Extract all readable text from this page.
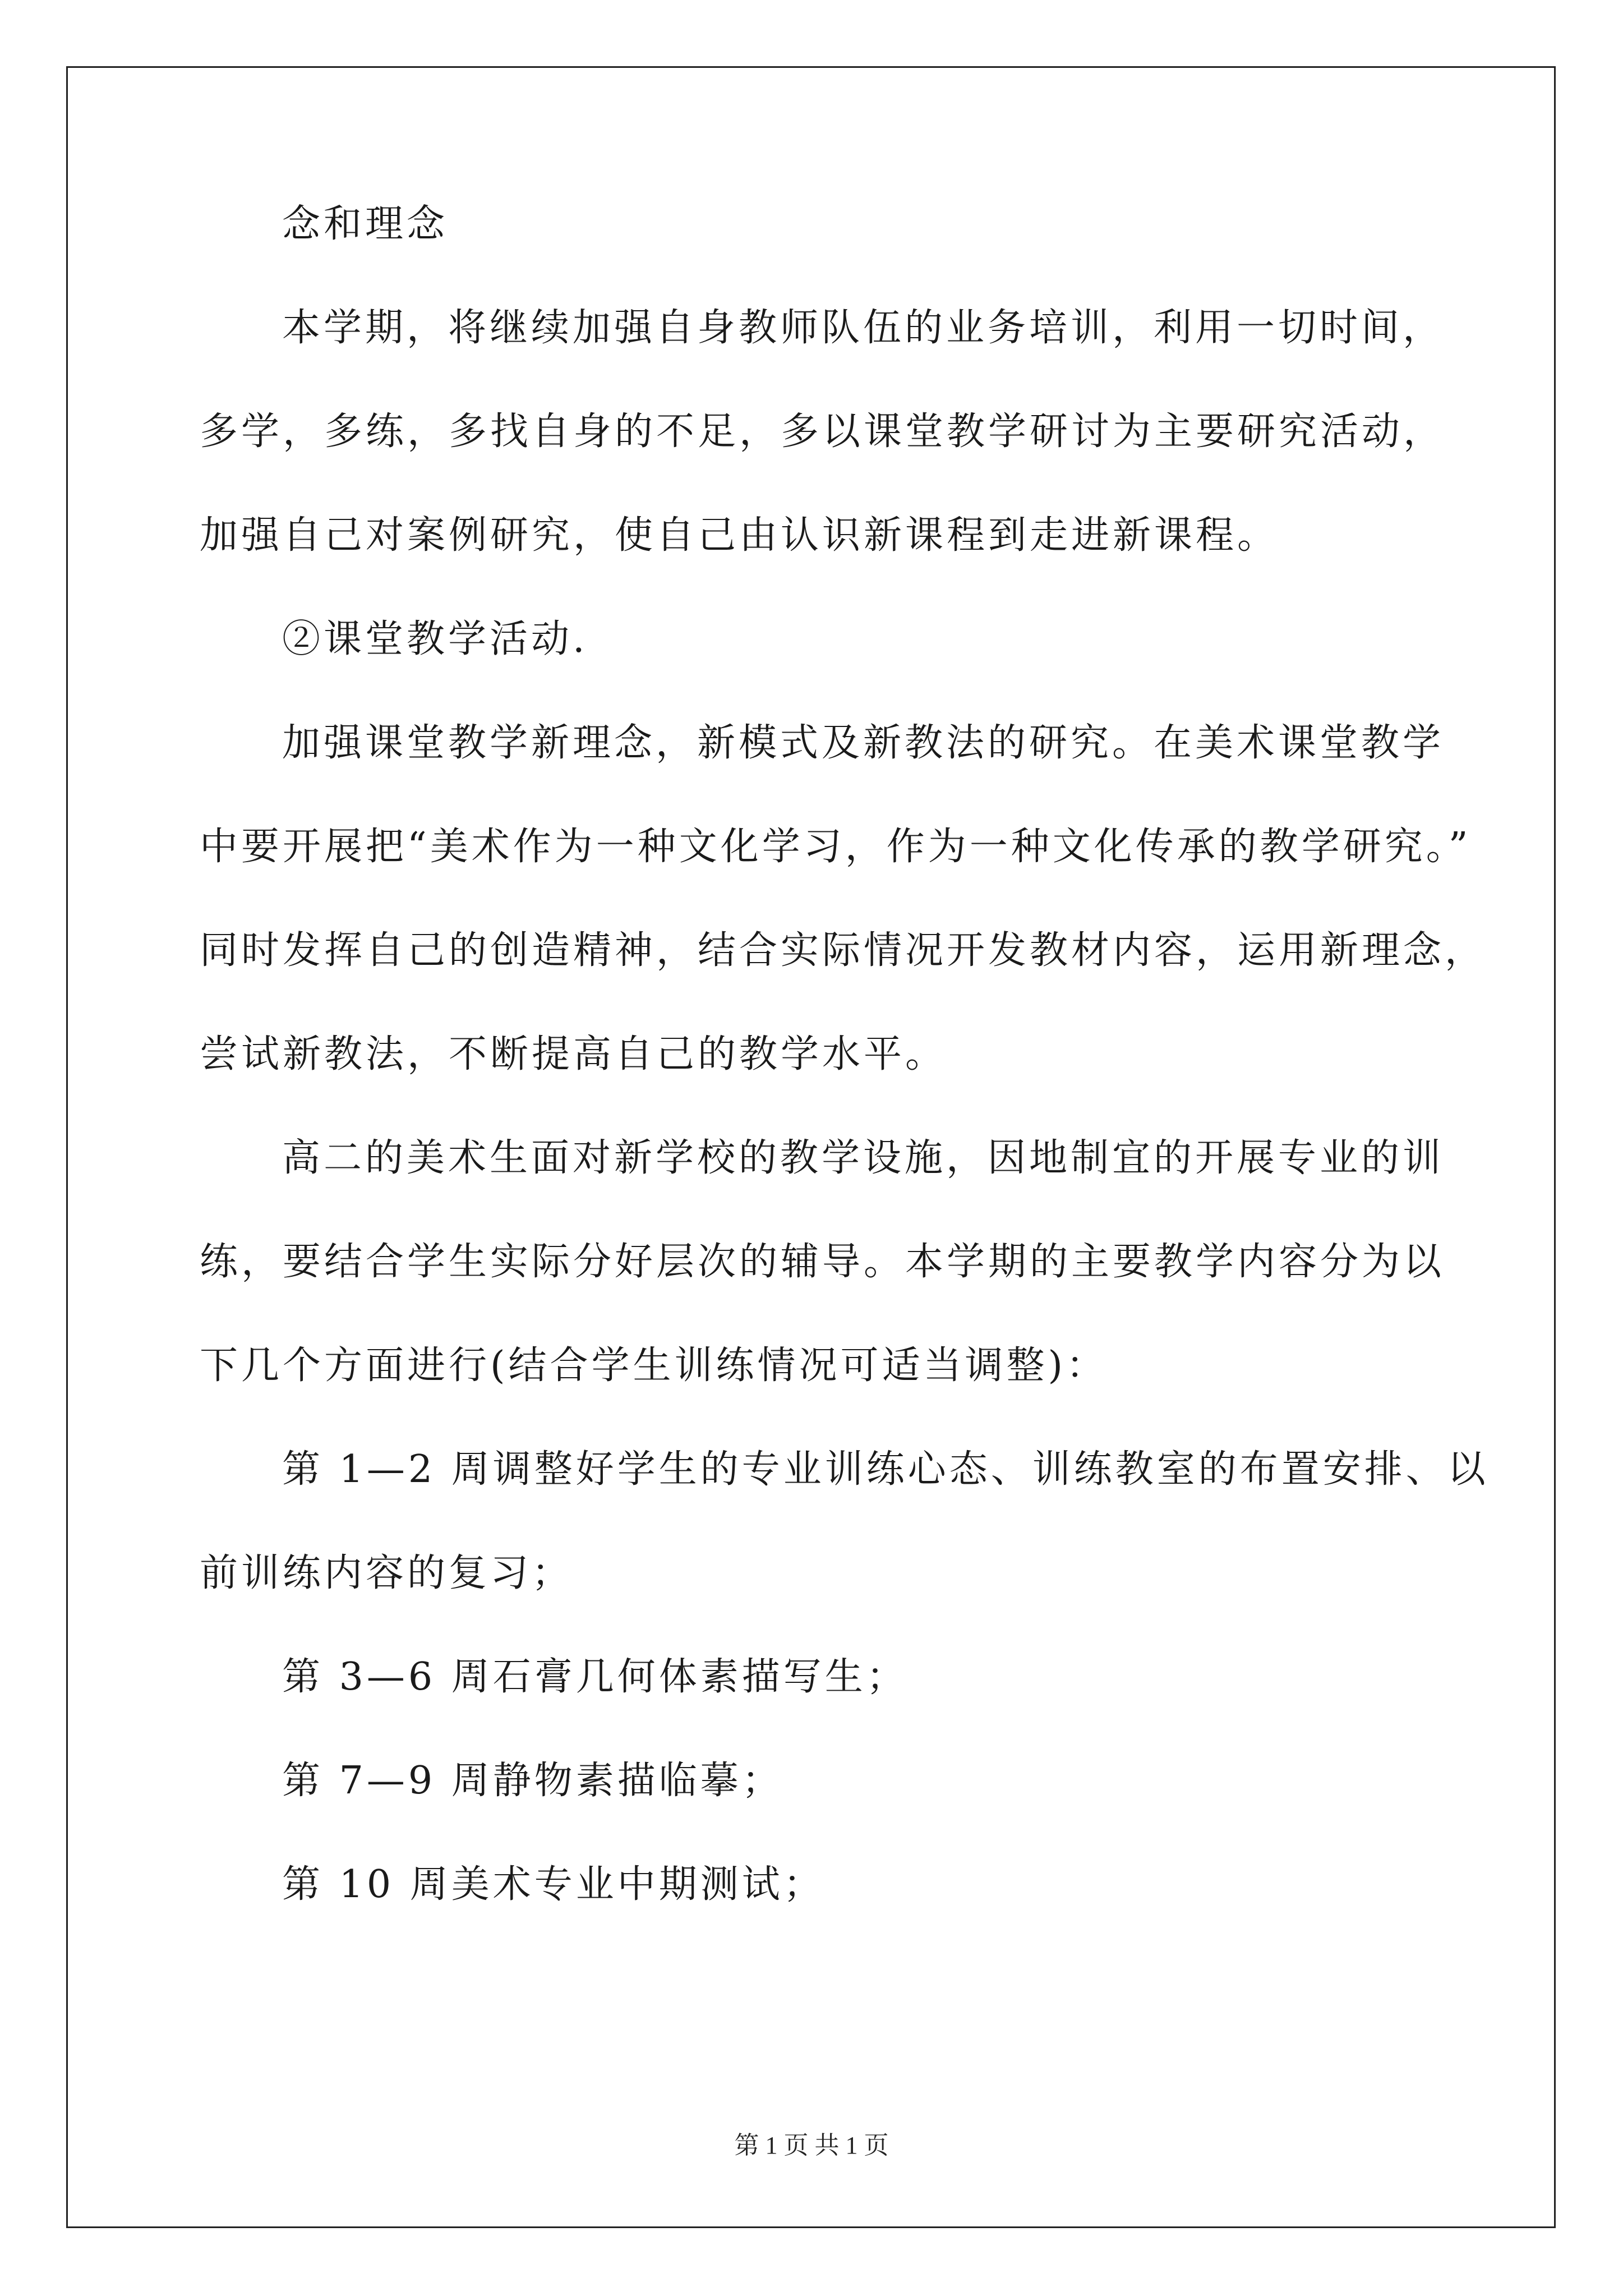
念和理念
本学期，将继续加强自身教师队伍的业务培训，利用一切时间，
多学，多练，多找自身的不足，多以课堂教学研讨为主要研究活动，
加强自己对案例研究，使自己由认识新课程到走进新课程。
②课堂教学活动.
加强课堂教学新理念，新模式及新教法的研究。在美术课堂教学
中要开展把“美术作为一种文化学习，作为一种文化传承的教学研究。”
同时发挥自己的创造精神，结合实际情况开发教材内容，运用新理念，
尝试新教法，不断提高自己的教学水平。
高二的美术生面对新学校的教学设施，因地制宜的开展专业的训
练，要结合学生实际分好层次的辅导。本学期的主要教学内容分为以
下几个方面进行(结合学生训练情况可适当调整)：
第 1—2 周调整好学生的专业训练心态、训练教室的布置安排、以
前训练内容的复习；
第 3—6 周石膏几何体素描写生；
第 7—9 周静物素描临摹；
第 10 周美术专业中期测试；
第 1 页 共 1 页
